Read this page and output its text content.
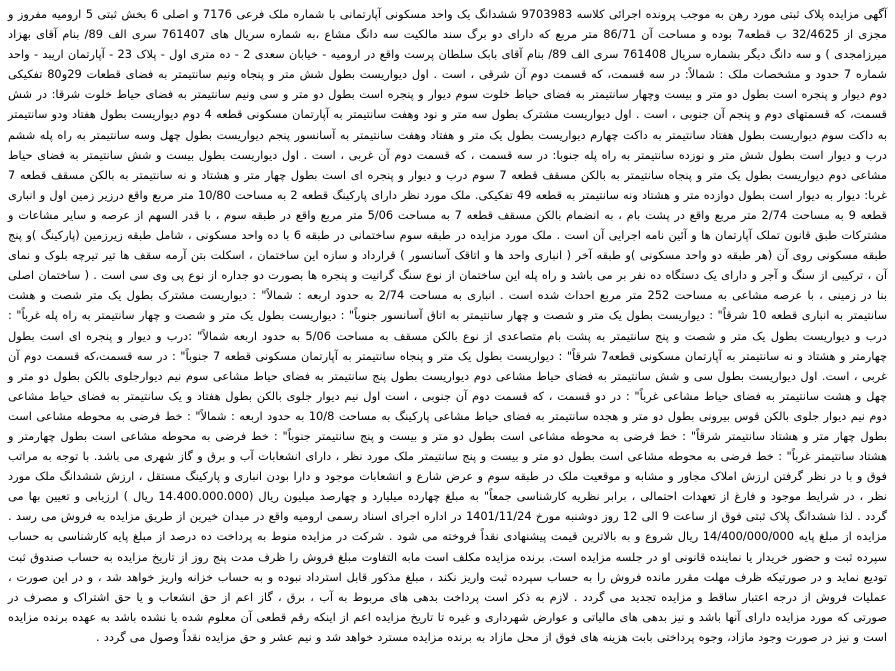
آگهی مزایده پلاک ثبتی مورد رهن به موجب پرونده اجرائی کلاسه 9703983 ششدانگ یک واحد مسکونی آپارتمانی با شماره ملک فرعی 7176 و اصلی 6 بخش ثبتی 5 ارومیه مفروز و مجزی از 32/4625 ب قطعه7 بوده و مساحت آن 86/71 متر مربع که دارای دو برگ سند مالکیت سه دانگ مشاع ،به شماره سریال های 761407 سری الف 89/ بنام آقای بهزاد میرزامجدی ) و سه دانگ دیگر بشماره سریال 761408 سری الف 89/ بنام آقای بابک سلطان پرست واقع در ارومیه - خیابان سعدی 2 - ده متری اول - پلاک 23 - آپارتمان اریبد - واحد شماره 7 حدود و مشخصات ملک : شمالاً: در سه قسمت، که قسمت دوم آن شرقی ، است . اول دیواریست بطول شش متر و پنجاه ونیم سانتیمتر به فضای قطعات 29و80 تفکیکی دوم دیوار و پنجره است بطول دو متر و بیست وچهار سانتیمتر به فضای حیاط خلوت سوم دیوار و پنجره است بطول دو متر و سی ونیم سانتیمتر به فضای حیاط خلوت شرقا: در شش قسمت، که قسمتهای دوم و پنجم آن جنوبی ، است . اول دیواریست مشترک بطول سه متر و نود وهفت سانتیمتر به آپارتمان مسکونی قطعه 4 دوم دیواریست بطول هفتاد ودو سانتیمتر به داکت سوم دیواریست بطول هفتاد سانتیمتر به داکت چهارم دیواریست بطول یک متر و هفتاد وهفت سانتیمتر به آسانسور پنجم دیواریست بطول چهل وسه سانتیمتر به راه پله ششم درب و دیوار است بطول شش متر و نوزده سانتیمتر به راه پله جنوبا: در سه قسمت ، که قسمت دوم آن غربی ، است . اول دیواریست بطول بیست و شش سانتیمتر به فضای حیاط مشاعی دوم دیواریست بطول یک متر و پنجاه سانتیمتر به بالکن مسقف قطعه 7 سوم درب و دیوار و پنجره ای است بطول چهار متر و هشتاد و نه سانتیمتر به بالکن مسقف قطعه 7 غربا: دیوار به دیوار است بطول دوازده متر و هشتاد ونه سانتیمتر به قطعه 49 تفکیکی. ملک مورد نظر دارای پارکینگ قطعه 2 به مساحت 10/80 متر مربع واقع درزیر زمین اول و انباری قطعه 9 به مساحت 2/74 متر مربع واقع در پشت بام ، به انضمام بالکن مسقف قطعه 7 به مساحت 5/06 متر مربع واقع در طبقه سوم ، با قدر السهم از عرصه و سایر مشاعات و مشترکات طبق قانون تملک آپارتمان ها و آئین نامه اجرایی آن است . ملک مورد مزایده در طبقه سوم ساختمانی در طبقه 6 با ده واحد مسکونی ، شامل طبقه زیرزمین (پارکینگ )و پنج طبقه مسکونی روی آن (هر طبقه دو واحد مسکونی )و طبقه آخر ( انباری واحد ها و اتاقک آسانسور ) قرارداد و سازه این ساختمان ، اسکلت بتن آرمه سقف ها تیر تیرچه بلوک و نمای آن ، ترکیبی از سنگ و آجر و دارای یک دستگاه ده نفر بر می باشد و راه پله این ساختمان از نوع سنگ گرانیت و پنجره ها بصورت دو جداره از نوع پی وی سی است . ( ساختمان اصلی بنا در زمینی ، با عرصه مشاعی به مساحت 252 متر مربع احداث شده است . انباری به مساحت 2/74 به حدود اربعه : شمالاً" : دیواریست مشترک بطول یک متر شصت و هشت سانتیمتر به انباری قطعه 10 شرقاً" : دیواریست بطول یک متر و شصت و چهار سانتیمتر به اتاق آسانسور جنوباً" : دیواریست بطول یک متر و شصت و چهار سانتیمتر به راه پله غرباً" : درب و دیواریست بطول یک متر و شصت و پنج سانتیمتر به پشت بام متصاعدی از نوع بالکن مسقف به مساحت 5/06 به حدود اربعه شمالاً" :درب و دیوار و پنجره ای است بطول چهارمتر و هشتاد و نه سانتیمتر به آپارتمان مسکونی قطعه7 شرقاً" : دیواریست بطول یک متر و پنجاه سانتیمتر به آپارتمان مسکونی قطعه 7 جنوباً" : در سه قسمت،که قسمت دوم آن غربی ، است. اول دیواریست بطول سی و شش سانتیمتر به فضای حیاط مشاعی دوم دیواریست بطول پنج سانتیمتر به فضای حیاط مشاعی سوم نیم دیوارجلوی بالکن بطول دو متر و چهل و هشت سانتیمتر به فضای حیاط مشاعی غرباً" : در دو قسمت ، که قسمت دوم آن جنوبی ، است اول نیم دیوار جلوی بالکن بطول هفتاد و یک سانتیمتر به فضای حیاط مشاعی دوم نیم دیوار جلوی بالکن قوس بیرونی بطول دو متر و هجده سانتیمتر به فضای حیاط مشاعی پارکینگ به مساحت 10/8 به حدود اربعه : شمالاً" : خط فرضی به محوطه مشاعی است بطول چهار متر و هشتاد سانتیمتر شرقاً" : خط فرضی به محوطه مشاعی است بطول دو متر و بیست و پنج سانتیمتر جنوباً" : خط فرضی به محوطه مشاعی است بطول چهارمتر و هشتاد سانتیمتر غرباً" : خط فرضی به محوطه مشاعی است بطول دو متر و بیست و پنج سانتیمتر ملک مورد نظر ، دارای انشعابات آب و برق و گاز شهری می باشد. با توجه به مراتب فوق و با در نظر گرفتن ارزش املاک مجاور و مشابه و موقعیت ملک در طبقه سوم و عرض شارع و انشعابات موجود و دارا بودن انباری و پارکینگ مستقل ، ارزش ششدانگ ملک مورد نظر ، در شرایط موجود و فارغ از تعهدات احتمالی ، برابر نظریه کارشناسی جمعاً" به مبلغ چهارده میلیارد و چهارصد میلیون ریال (14.400.000.000 ریال ) ارزیابی و تعیین بها می گردد . لذا ششدانگ پلاک ثبتی فوق از ساعت 9 الی 12 روز دوشنبه مورخ 1401/11/24 در اداره اجرای اسناد رسمی ارومیه واقع در میدان خیرین از طریق مزایده به فروش می رسد . مزایده از مبلغ پایه 14/400/000/000 ریال شروع و به بالاترین قیمت پیشنهادی نقداً فروخته می شود . شرکت در مزایده منوط به پرداخت ده درصد از مبلغ پایه کارشناسی به حساب سپرده ثبت و حضور خریدار یا نماینده قانونی او در جلسه مزایده است. برنده مزایده مکلف است مابه التفاوت مبلغ فروش را ظرف مدت پنج روز از تاریخ مزایده به حساب صندوق ثبت تودیع نماید و در صورتیکه ظرف مهلت مقرر مانده فروش را به حساب سپرده ثبت واریز نکند ، مبلغ مذکور قابل استرداد نبوده و به حساب خزانه واریز خواهد شد ، و در این صورت ، عملیات فروش از درجه اعتبار ساقط و مزایده تجدید می گردد . لازم به ذکر است پرداخت بدهی های مربوط به آب ، برق ، گاز اعم از حق انشعاب و یا حق اشتراک و مصرف در صورتی که مورد مزایده دارای آنها باشد و نیز بدهی های مالیاتی و عوارض شهرداری و غیره تا تاریخ مزایده اعم از اینکه رقم قطعی آن معلوم شده یا نشده باشد به عهده برنده مزایده است و نیز در صورت وجود مازاد، وجوه پرداختی بابت هزینه های فوق از محل مازاد به برنده مزایده مسترد خواهد شد و نیم عشر و حق مزایده نقداً وصول می گردد .
